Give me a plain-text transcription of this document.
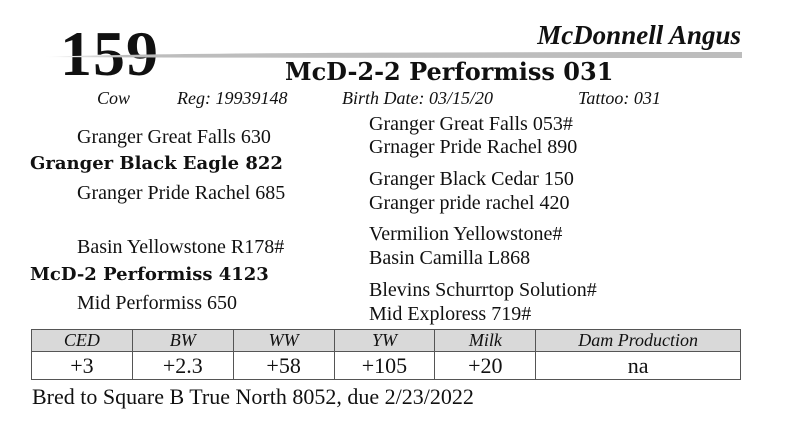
159	McDonnell Angus
McD-2-2 Performiss 031
Cow	Reg: 19939148	Birth Date: 03/15/20	Tattoo: 031
Granger Great Falls 630
Granger Black Eagle 822
Granger Pride Rachel 685
Basin Yellowstone R178#
McD-2 Performiss 4123
Mid Performiss 650
Granger Great Falls 053#
Grnager Pride Rachel 890
Granger Black Cedar 150
Granger pride rachel 420
Vermilion Yellowstone#
Basin Camilla L868
Blevins Schurrtop Solution#
Mid Exploress 719#
CED	BW	WW	YW	Milk	Dam Production
+3	+2.3	+58	+105	+20	na
Bred to Square B True North 8052, due 2/23/2022
